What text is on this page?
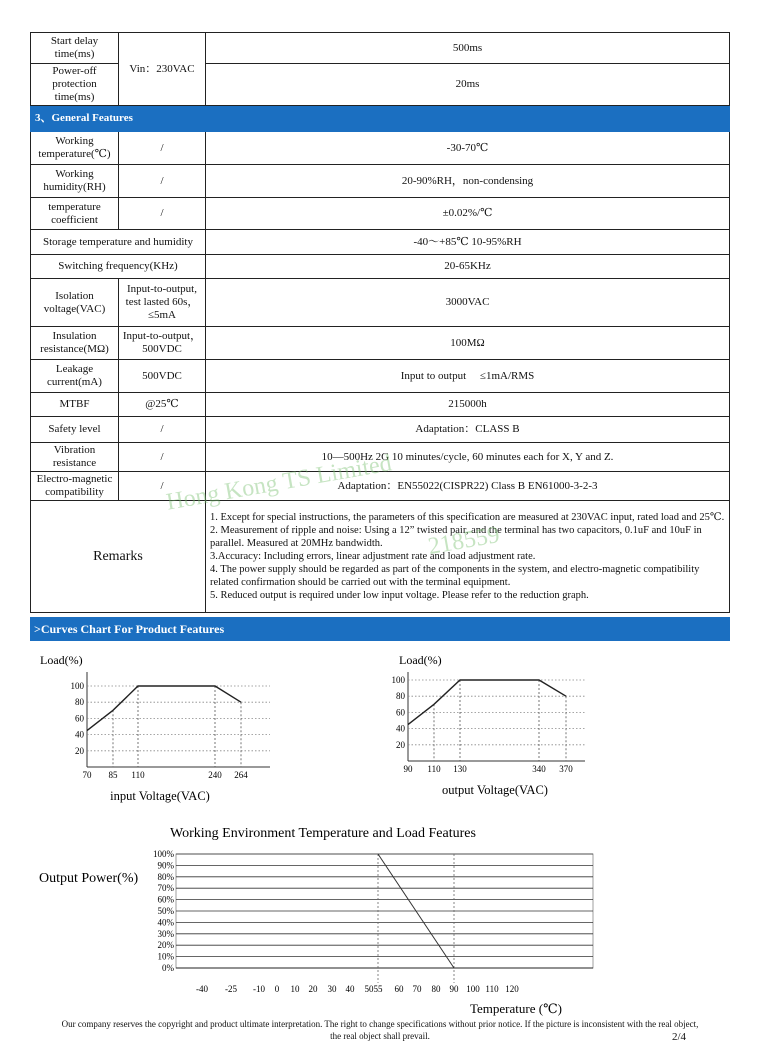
Start delay time(ms)	Vin：230VAC	500ms
Power-off protection time(ms)		20ms
3、General Features		
Working temperature(℃)	/	-30-70℃
Working humidity(RH)	/	20-90%RH，non-condensing
temperature coefficient	/	±0.02%/℃
Storage temperature and humidity		-40～+85℃ 10-95%RH
Switching frequency(KHz)		20-65KHz
Isolation voltage(VAC)	Input-to-output, test lasted 60s，≤5mA	3000VAC
Insulation resistance(MΩ)	Input-to-output，500VDC	100MΩ
Leakage current(mA)	500VDC	Input to output     ≤1mA/RMS
MTBF	@25℃	215000h
Safety level	/	Adaptation：CLASS B
Vibration resistance	/	10—500Hz 2G 10 minutes/cycle, 60 minutes each for X, Y and Z.
Electro-magnetic compatibility	/	Adaptation：EN55022(CISPR22) Class B EN61000-3-2-3
Remarks		1. Except for special instructions, the parameters of this specification are measured at 230VAC input, rated load and 25℃.
2. Measurement of ripple and noise: Using a 12” twisted pair, and the terminal has two capacitors, 0.1uF and 10uF in parallel. Measured at 20MHz bandwidth.
3.Accuracy: Including errors, linear adjustment rate and load adjustment rate.
4. The power supply should be regarded as part of the components in the system, and electro-magnetic compatibility related confirmation should be carried out with the terminal equipment.
5. Reduced output is required under low input voltage. Please refer to the reduction graph.
Hong Kong TS Limited
218559
>Curves Chart For Product Features
Load(%)
20
40
60
80
100
70 85 110	240 264
input Voltage(VAC)
Load(%)
20
40
60
80
100
90 110 130	340 370
output Voltage(VAC)
Working Environment Temperature and Load Features
Output Power(%)
0%
10%
20%
30%
40%
50%
60%
70%
80%
90%
100%
-40 -25 -10 0 10 20 30 40 50 55 60 70 80 90 100 110 120
Temperature (℃)
Our company reserves the copyright and product ultimate interpretation. The right to change specifications without prior notice. If the picture is inconsistent with the real object, the real object shall prevail.	2/4
